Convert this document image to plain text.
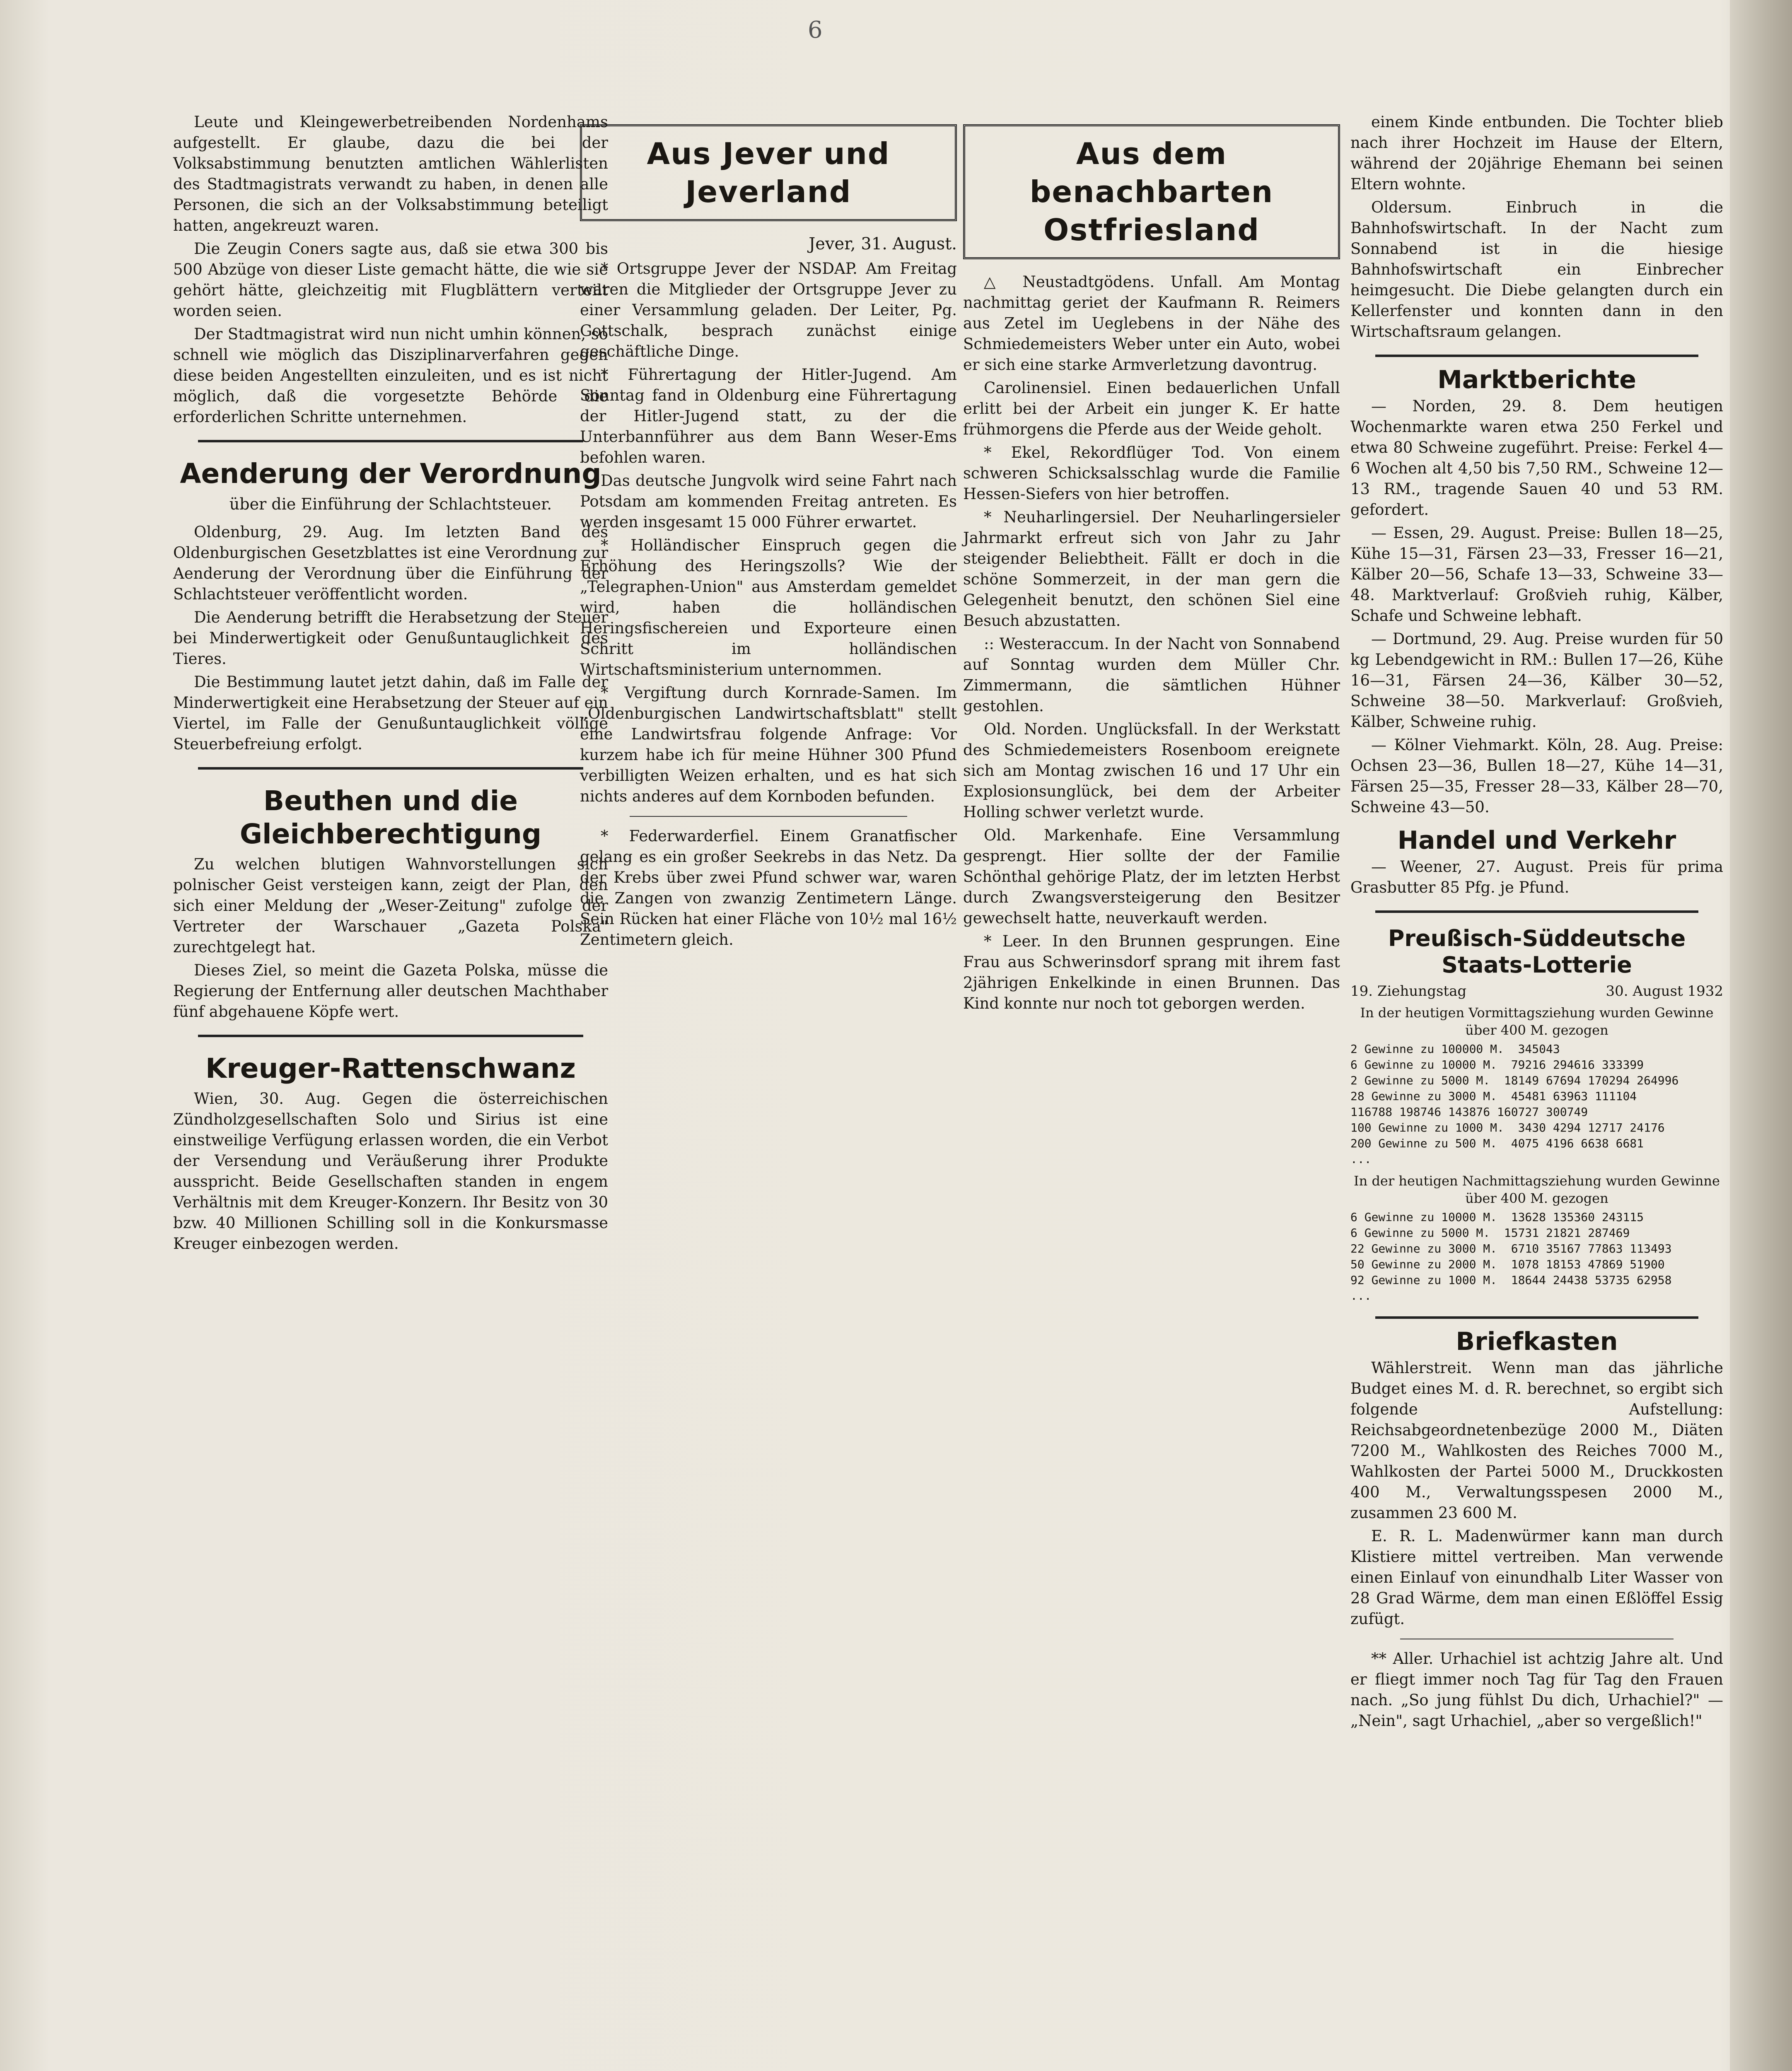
6

Leute und Kleingewerbetreibenden Nordenhams aufgestellt. Er glaube, dazu die bei der Volksabstimmung benutzten amtlichen Wählerlisten des Stadtmagistrats verwandt zu haben, in denen alle Personen, die sich an der Volksabstimmung beteiligt hatten, angekreuzt waren.

Die Zeugin Coners sagte aus, daß sie etwa 300 bis 500 Abzüge von dieser Liste gemacht hätte, die wie sie gehört hätte, gleichzeitig mit Flugblättern verteilt worden seien.

Der Stadtmagistrat wird nun nicht umhin können, so schnell wie möglich das Disziplinarverfahren gegen diese beiden Angestellten einzuleiten, und es ist nicht möglich, daß die vorgesetzte Behörde die erforderlichen Schritte unternehmen.

Aenderung der Verordnung
über die Einführung der Schlachtsteuer.

Oldenburg, 29. Aug. Im letzten Band des Oldenburgischen Gesetzblattes ist eine Verordnung zur Aenderung der Verordnung über die Einführung der Schlachtsteuer veröffentlicht worden.

Die Aenderung betrifft die Herabsetzung der Steuer bei Minderwertigkeit oder Genußuntauglichkeit des Tieres.

Die Bestimmung lautet jetzt dahin, daß im Falle der Minderwertigkeit eine Herabsetzung der Steuer auf ein Viertel, im Falle der Genußuntauglichkeit völlige Steuerbefreiung erfolgt.

Beuthen und die Gleichberechtigung

Zu welchen blutigen Wahnvorstellungen sich polnischer Geist versteigen kann, zeigt der Plan, den sich einer Meldung der „Weser-Zeitung" zufolge der Vertreter der Warschauer „Gazeta Polska" zurechtgelegt hat.

Dieses Ziel, so meint die Gazeta Polska, müsse die Regierung der Entfernung aller deutschen Machthaber fünf abgehauene Köpfe wert.

Kreuger-Rattenschwanz

Wien, 30. Aug. Gegen die österreichischen Zündholzgesellschaften Solo und Sirius ist eine einstweilige Verfügung erlassen worden, die ein Verbot der Versendung und Veräußerung ihrer Produkte ausspricht. Beide Gesellschaften standen in engem Verhältnis mit dem Kreuger-Konzern. Ihr Besitz von 30 bzw. 40 Millionen Schilling soll in die Konkursmasse Kreuger einbezogen werden.

Aus Jever und Jeverland
Jever, 31. August.

* Ortsgruppe Jever der NSDAP. Am Freitag waren die Mitglieder der Ortsgruppe Jever zu einer Versammlung geladen. Der Leiter, Pg. Gottschalk, besprach zunächst einige geschäftliche Dinge.

* Führertagung der Hitler-Jugend. Am Sonntag fand in Oldenburg eine Führertagung der Hitler-Jugend statt, zu der die Unterbannführer aus dem Bann Weser-Ems befohlen waren.

Das deutsche Jungvolk wird seine Fahrt nach Potsdam am kommenden Freitag antreten. Es werden insgesamt 15 000 Führer erwartet.

* Holländischer Einspruch gegen die Erhöhung des Heringszolls? Wie der „Telegraphen-Union" aus Amsterdam gemeldet wird, haben die holländischen Heringsfischereien und Exporteure einen Schritt im holländischen Wirtschaftsministerium unternommen.

* Vergiftung durch Kornrade-Samen. Im „Oldenburgischen Landwirtschaftsblatt" stellt eine Landwirtsfrau folgende Anfrage: Vor kurzem habe ich für meine Hühner 300 Pfund verbilligten Weizen erhalten, und es hat sich nichts anderes auf dem Kornboden befunden.

* Federwarderfiel. Einem Granatfischer gelang es ein großer Seekrebs in das Netz. Da der Krebs über zwei Pfund schwer war, waren die Zangen von zwanzig Zentimetern Länge. Sein Rücken hat einer Fläche von 10½ mal 16½ Zentimetern gleich.

Aus dem benachbarten Ostfriesland

△ Neustadtgödens. Unfall. Am Montag nachmittag geriet der Kaufmann R. Reimers aus Zetel im Ueglebens in der Nähe des Schmiedemeisters Weber unter ein Auto, wobei er sich eine starke Armverletzung davontrug.

Carolinensiel. Einen bedauerlichen Unfall erlitt bei der Arbeit ein junger K. Er hatte frühmorgens die Pferde aus der Weide geholt.

* Ekel, Rekordflüger Tod. Von einem schweren Schicksalsschlag wurde die Familie Hessen-Siefers von hier betroffen.

* Neuharlingersiel. Der Neuharlingersieler Jahrmarkt erfreut sich von Jahr zu Jahr steigender Beliebtheit. Fällt er doch in die schöne Sommerzeit, in der man gern die Gelegenheit benutzt, den schönen Siel eine Besuch abzustatten.

:: Westeraccum. In der Nacht von Sonnabend auf Sonntag wurden dem Müller Chr. Zimmermann, die sämtlichen Hühner gestohlen.

Old. Norden. Unglücksfall. In der Werkstatt des Schmiedemeisters Rosenboom ereignete sich am Montag zwischen 16 und 17 Uhr ein Explosionsunglück, bei dem der Arbeiter Holling schwer verletzt wurde.

Old. Markenhafe. Eine Versammlung gesprengt. Hier sollte der der Familie Schönthal gehörige Platz, der im letzten Herbst durch Zwangsversteigerung den Besitzer gewechselt hatte, neuverkauft werden.

* Leer. In den Brunnen gesprungen. Eine Frau aus Schwerinsdorf sprang mit ihrem fast 2jährigen Enkelkinde in einen Brunnen. Das Kind konnte nur noch tot geborgen werden.

einem Kinde entbunden. Die Tochter blieb nach ihrer Hochzeit im Hause der Eltern, während der 20jährige Ehemann bei seinen Eltern wohnte.

Oldersum. Einbruch in die Bahnhofswirtschaft. In der Nacht zum Sonnabend ist in die hiesige Bahnhofswirtschaft ein Einbrecher heimgesucht. Die Diebe gelangten durch ein Kellerfenster und konnten dann in den Wirtschaftsraum gelangen.

Marktberichte

— Norden, 29. 8. Dem heutigen Wochenmarkte waren etwa 250 Ferkel und etwa 80 Schweine zugeführt. Preise: Ferkel 4—6 Wochen alt 4,50 bis 7,50 RM., Schweine 12—13 RM., tragende Sauen 40 und 53 RM. gefordert.

— Essen, 29. August. Preise: Bullen 18—25, Kühe 15—31, Färsen 23—33, Fresser 16—21, Kälber 20—56, Schafe 13—33, Schweine 33—48. Marktverlauf: Großvieh ruhig, Kälber, Schafe und Schweine lebhaft.

— Dortmund, 29. Aug. Preise wurden für 50 kg Lebendgewicht in RM.: Bullen 17—26, Kühe 16—31, Färsen 24—36, Kälber 30—52, Schweine 38—50. Markverlauf: Großvieh, Kälber, Schweine ruhig.

— Kölner Viehmarkt. Köln, 28. Aug. Preise: Ochsen 23—36, Bullen 18—27, Kühe 14—31, Färsen 25—35, Fresser 28—33, Kälber 28—70, Schweine 43—50.

Handel und Verkehr

— Weener, 27. August. Preis für prima Grasbutter 85 Pfg. je Pfund.

Preußisch-Süddeutsche Staats-Lotterie
19. Ziehungstag	30. August 1932
In der heutigen Vormittagsziehung wurden Gewinne über 400 M. gezogen
2 Gewinne zu 100000 M.  345043
6 Gewinne zu 10000 M.  79216 294616 333399
2 Gewinne zu 5000 M.  18149 67694 170294 264996
28 Gewinne zu 3000 M.  45481 63963 111104
116788 198746 143876 160727 300749
100 Gewinne zu 1000 M.  3430 4294 12717 24176
200 Gewinne zu 500 M.  4075 4196 6638 6681
...
In der heutigen Nachmittagsziehung wurden Gewinne über 400 M. gezogen
6 Gewinne zu 10000 M.  13628 135360 243115
6 Gewinne zu 5000 M.  15731 21821 287469
22 Gewinne zu 3000 M.  6710 35167 77863 113493
50 Gewinne zu 2000 M.  1078 18153 47869 51900
92 Gewinne zu 1000 M.  18644 24438 53735 62958
...
Briefkasten

Wählerstreit. Wenn man das jährliche Budget eines M. d. R. berechnet, so ergibt sich folgende Aufstellung: Reichsabgeordnetenbezüge 2000 M., Diäten 7200 M., Wahlkosten des Reiches 7000 M., Wahlkosten der Partei 5000 M., Druckkosten 400 M., Verwaltungsspesen 2000 M., zusammen 23 600 M.

E. R. L. Madenwürmer kann man durch Klistiere mittel vertreiben. Man verwende einen Einlauf von einundhalb Liter Wasser von 28 Grad Wärme, dem man einen Eßlöffel Essig zufügt.

** Aller. Urhachiel ist achtzig Jahre alt. Und er fliegt immer noch Tag für Tag den Frauen nach. „So jung fühlst Du dich, Urhachiel?" — „Nein", sagt Urhachiel, „aber so vergeßlich!"
